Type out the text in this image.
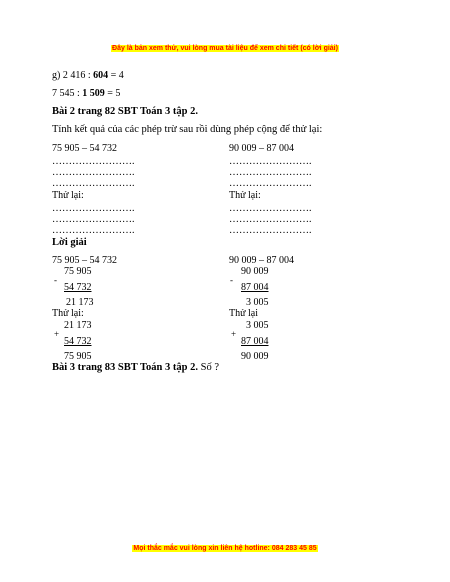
Đây là bản xem thử, vui lòng mua tài liệu để xem chi tiết (có lời giải)
g) 2 416 : 604 = 4
7 545 : 1 509 = 5
Bài 2 trang 82 SBT Toán 3 tập 2.
Tính kết quả của các phép trừ sau rồi dùng phép cộng để thử lại:
75 905 – 54 732	90 009 – 87 004
…………………….
…………………….
…………………….
…………………….
…………………….
…………………….
Thử lại:	Thử lại:
…………………….
…………………….
…………………….
…………………….
…………………….
…………………….
Lời giải
75 905 – 54 732
75 905
-
54 732
21 173
Thử lại:
21 173
+
54 732
75 905
90 009 – 87 004
90 009
-
87 004
3 005
Thử lại
3 005
+
87 004
90 009
Bài 3 trang 83 SBT Toán 3 tập 2. Số ?
Mọi thắc mắc vui lòng xin liên hệ hotline: 084 283 45 85
